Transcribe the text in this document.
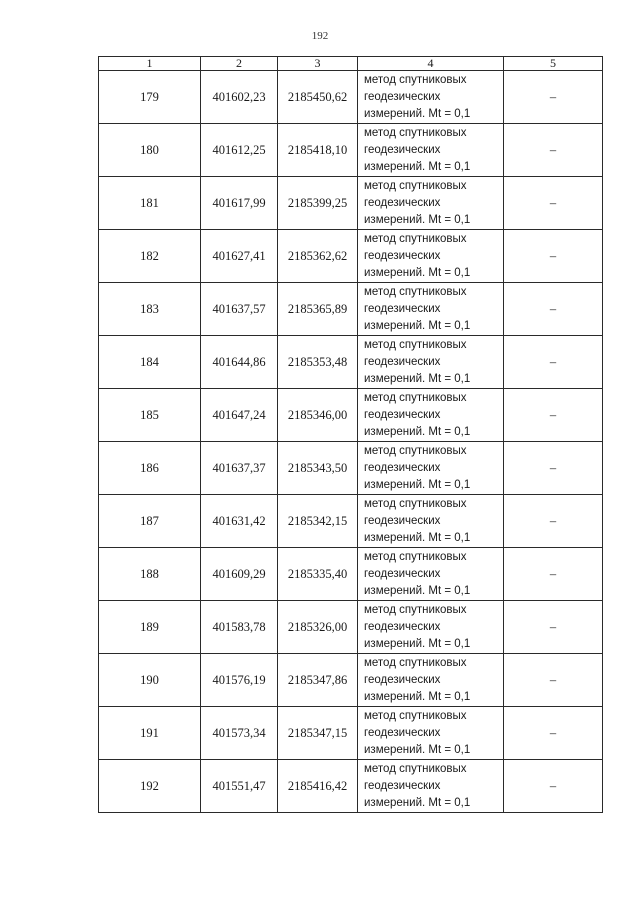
192
1	2	3	4	5
179	401602,23	2185450,62	метод спутниковых
геодезических
измерений. Mt = 0,1	–
180	401612,25	2185418,10	метод спутниковых
геодезических
измерений. Mt = 0,1	–
181	401617,99	2185399,25	метод спутниковых
геодезических
измерений. Mt = 0,1	–
182	401627,41	2185362,62	метод спутниковых
геодезических
измерений. Mt = 0,1	–
183	401637,57	2185365,89	метод спутниковых
геодезических
измерений. Mt = 0,1	–
184	401644,86	2185353,48	метод спутниковых
геодезических
измерений. Mt = 0,1	–
185	401647,24	2185346,00	метод спутниковых
геодезических
измерений. Mt = 0,1	–
186	401637,37	2185343,50	метод спутниковых
геодезических
измерений. Mt = 0,1	–
187	401631,42	2185342,15	метод спутниковых
геодезических
измерений. Mt = 0,1	–
188	401609,29	2185335,40	метод спутниковых
геодезических
измерений. Mt = 0,1	–
189	401583,78	2185326,00	метод спутниковых
геодезических
измерений. Mt = 0,1	–
190	401576,19	2185347,86	метод спутниковых
геодезических
измерений. Mt = 0,1	–
191	401573,34	2185347,15	метод спутниковых
геодезических
измерений. Mt = 0,1	–
192	401551,47	2185416,42	метод спутниковых
геодезических
измерений. Mt = 0,1	–
